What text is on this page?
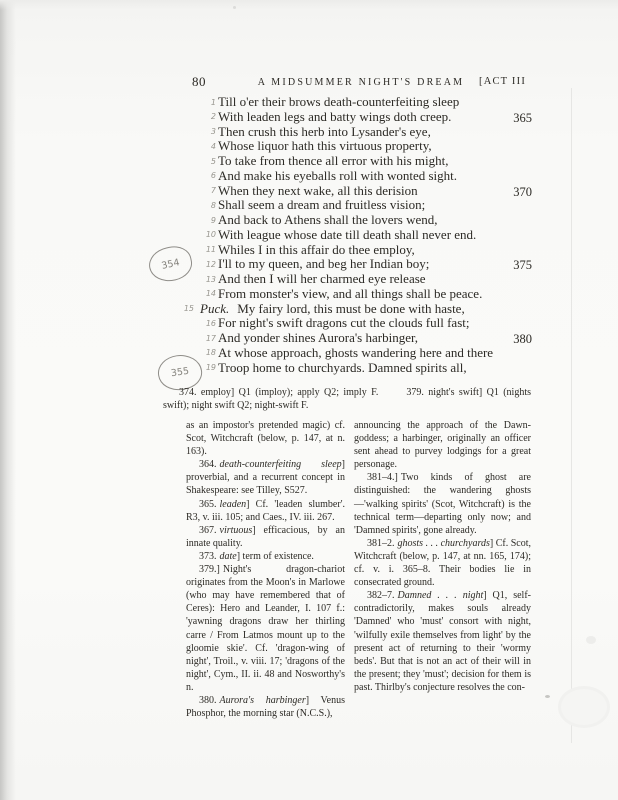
80	A MIDSUMMER NIGHT'S DREAM	[ACT III
354
355
1 Till o'er their brows death-counterfeiting sleep
2 With leaden legs and batty wings doth creep.	365
3 Then crush this herb into Lysander's eye,
4 Whose liquor hath this virtuous property,
5 To take from thence all error with his might,
6 And make his eyeballs roll with wonted sight.
7 When they next wake, all this derision	370
8 Shall seem a dream and fruitless vision;
9 And back to Athens shall the lovers wend,
10 With league whose date till death shall never end.
11 Whiles I in this affair do thee employ,
12 I'll to my queen, and beg her Indian boy;	375
13 And then I will her charmed eye release
14 From monster's view, and all things shall be peace.
15 Puck. My fairy lord, this must be done with haste,
16 For night's swift dragons cut the clouds full fast;
17 And yonder shines Aurora's harbinger,	380
18 At whose approach, ghosts wandering here and there
19 Troop home to churchyards. Damned spirits all,

374. employ] Q1 (imploy); apply Q2; imply F.	379. night's swift] Q1 (nights swift); night swift Q2; night-swift F.

as an impostor's pretended magic) cf. Scot, Witchcraft (below, p. 147, at n. 163).

364. death-counterfeiting sleep] proverbial, and a recurrent concept in Shakespeare: see Tilley, S527.

365. leaden] Cf. 'leaden slumber'. R3, v. iii. 105; and Caes., IV. iii. 267.

367. virtuous] efficacious, by an innate quality.

373. date] term of existence.

379.] Night's dragon-chariot originates from the Moon's in Marlowe (who may have remembered that of Ceres): Hero and Leander, I. 107 f.: 'yawning dragons draw her thirling carre / From Latmos mount up to the gloomie skie'. Cf. 'dragon-wing of night', Troil., v. viii. 17; 'dragons of the night', Cym., II. ii. 48 and Nosworthy's n.

380. Aurora's harbinger] Venus Phosphor, the morning star (N.C.S.),

announcing the approach of the Dawn-goddess; a harbinger, originally an officer sent ahead to purvey lodgings for a great personage.

381–4.] Two kinds of ghost are distinguished: the wandering ghosts—'walking spirits' (Scot, Witchcraft) is the technical term—departing only now; and 'Damned spirits', gone already.

381–2. ghosts . . . churchyards] Cf. Scot, Witchcraft (below, p. 147, at nn. 165, 174); cf. v. i. 365–8. Their bodies lie in consecrated ground.

382–7. Damned . . . night] Q1, self-contradictorily, makes souls already 'Damned' who 'must' consort with night, 'wilfully exile themselves from light' by the present act of returning to their 'wormy beds'. But that is not an act of their will in the present; they 'must'; decision for them is past. Thirlby's conjecture resolves the con-
